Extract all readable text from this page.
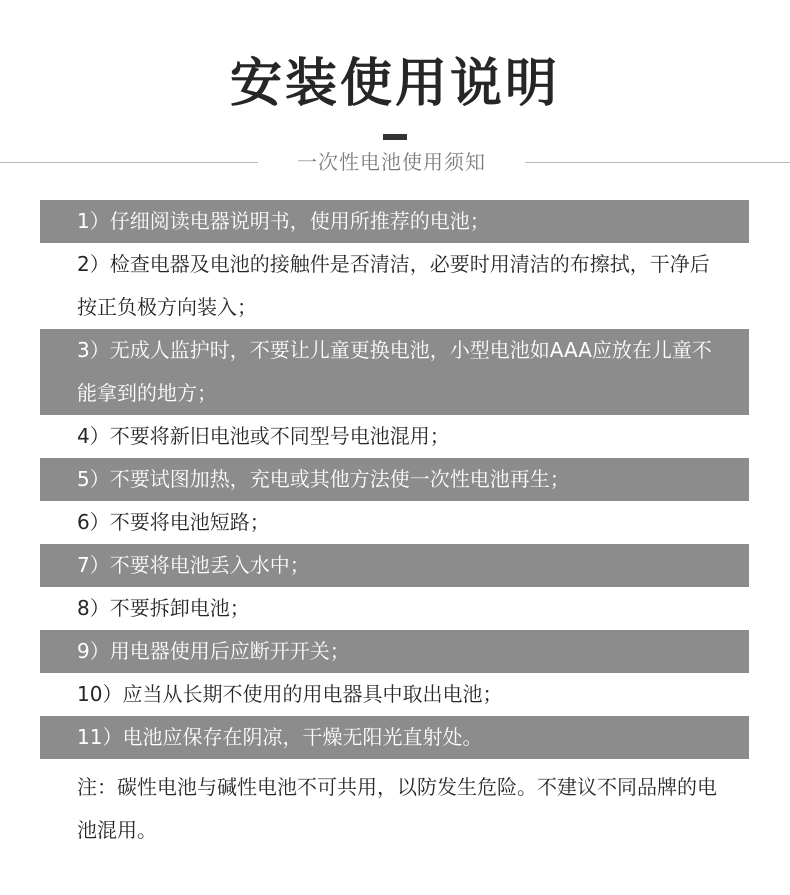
安装使用说明
一次性电池使用须知
1）仔细阅读电器说明书，使用所推荐的电池；
2）检查电器及电池的接触件是否清洁，必要时用清洁的布擦拭，干净后按正负极方向装入；
3）无成人监护时，不要让儿童更换电池，小型电池如AAA应放在儿童不能拿到的地方；
4）不要将新旧电池或不同型号电池混用；
5）不要试图加热，充电或其他方法使一次性电池再生；
6）不要将电池短路；
7）不要将电池丢入水中；
8）不要拆卸电池；
9）用电器使用后应断开开关；
10）应当从长期不使用的用电器具中取出电池；
11）电池应保存在阴凉，干燥无阳光直射处。
注：碳性电池与碱性电池不可共用，以防发生危险。不建议不同品牌的电池混用。
